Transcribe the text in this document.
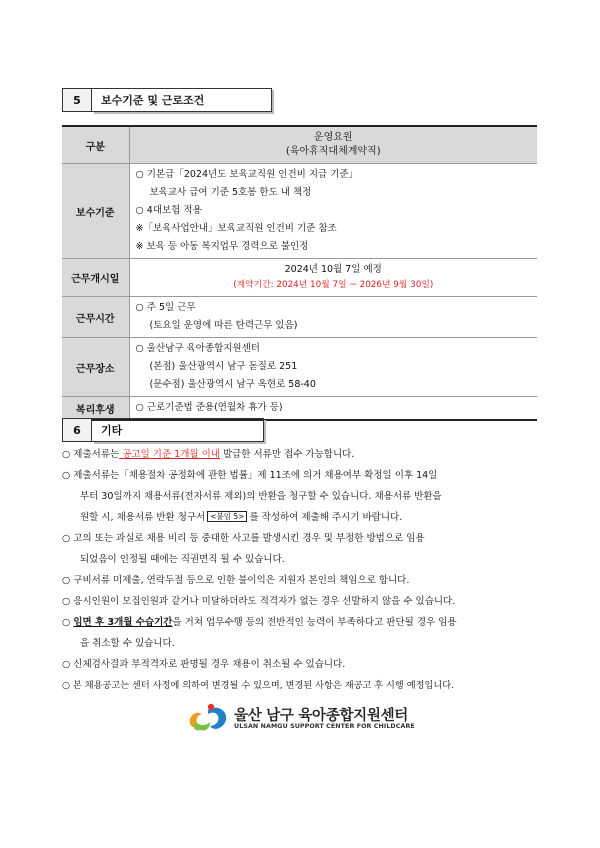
5	보수기준 및 근로조건
구분	운영요원
(육아휴직대체계약직)

보수기준	○ 기본급「2024년도 보육교직원 인건비 지급 기준」
보육교사 급여 기준 5호봉 한도 내 책정
○ 4대보험 적용
※「보육사업안내」보육교직원 인건비 기준 참조
※ 보육 등 아동 복지업무 경력으로 불인정

근무개시일	2024년 10월 7일 예정
(계약기간: 2024년 10월 7일 ~ 2026년 9월 30일)

근무시간	○ 주 5일 근무
(토요일 운영에 따른 탄력근무 있음)

근무장소	○ 울산남구 육아종합지원센터
(본점) 울산광역시 남구 돋질로 251
(문수점) 울산광역시 남구 옥현로 58-40

복리후생	○ 근로기준법 준용(연월차 휴가 등)
6	기타
○ 제출서류는 공고일 기준 1개월 이내 발급한 서류만 접수 가능합니다.
○ 제출서류는「채용절차 공정화에 관한 법률」제 11조에 의거 채용여부 확정일 이후 14일
부터 30일까지 채용서류(전자서류 제외)의 반환을 청구할 수 있습니다. 채용서류 반환을
원할 시, 채용서류 반환 청구서 <붙임 5> 를 작성하여 제출해 주시기 바랍니다.
○ 고의 또는 과실로 채용 비리 등 중대한 사고를 발생시킨 경우 및 부정한 방법으로 임용
되었음이 인정될 때에는 직권면직 될 수 있습니다.
○ 구비서류 미제출, 연락두절 등으로 인한 불이익은 지원자 본인의 책임으로 합니다.
○ 응시인원이 모집인원과 같거나 미달하더라도 적격자가 없는 경우 선발하지 않을 수 있습니다.
○ 임면 후 3개월 수습기간을 거쳐 업무수행 등의 전반적인 능력이 부족하다고 판단될 경우 임용
을 취소할 수 있습니다.
○ 신체검사결과 부적격자로 판명될 경우 채용이 취소될 수 있습니다.
○ 본 채용공고는 센터 사정에 의하여 변경될 수 있으며, 변경된 사항은 재공고 후 시행 예정입니다.
울산 남구 육아종합지원센터
ULSAN NAMGU SUPPORT CENTER FOR CHILDCARE
